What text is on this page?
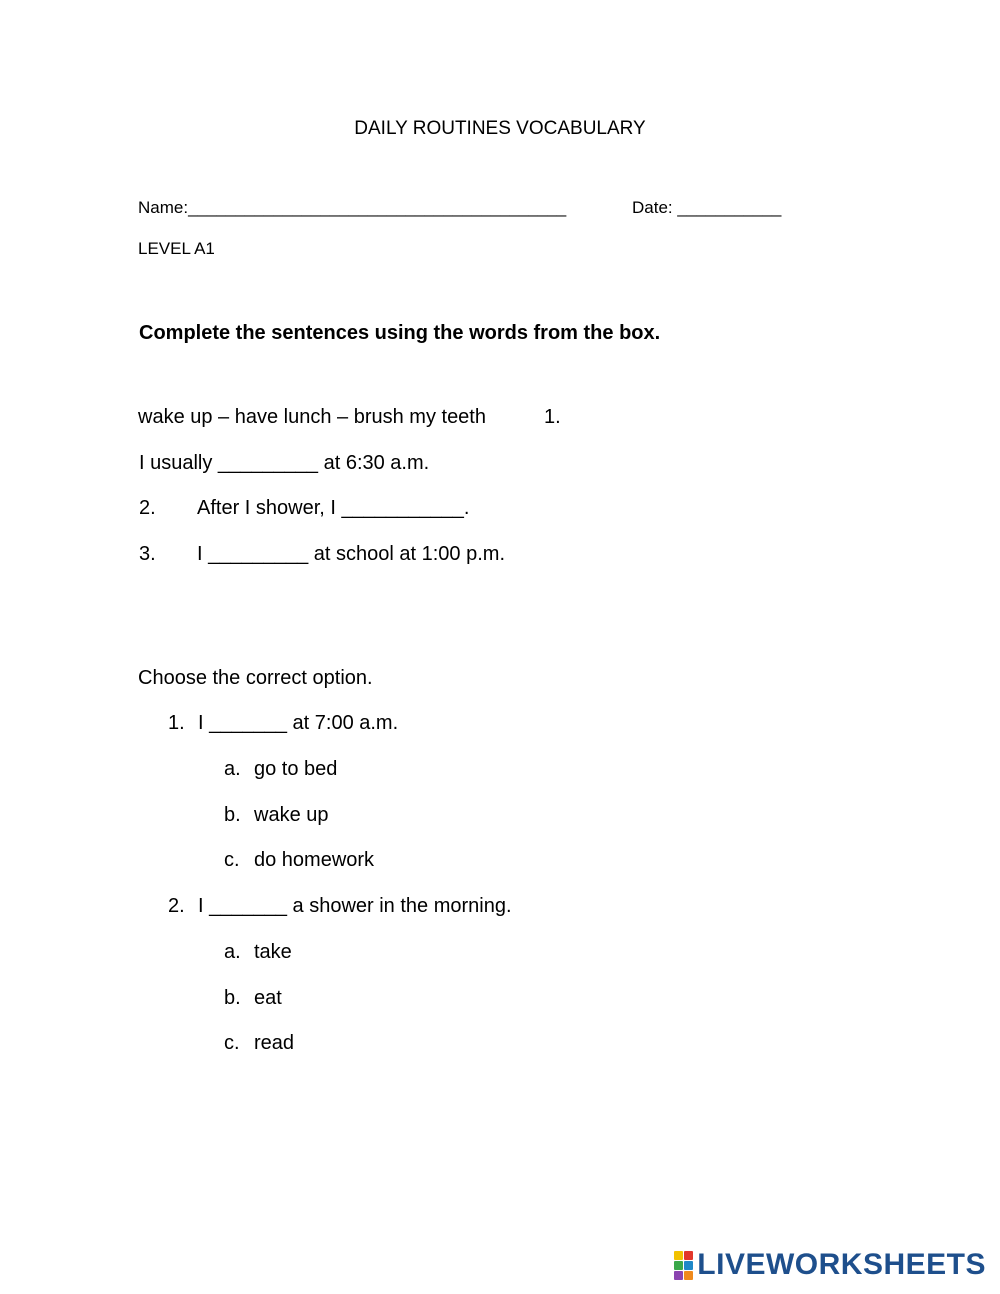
DAILY ROUTINES VOCABULARY
Name:________________________________________	Date: ___________
LEVEL A1
Complete the sentences using the words from the box.
wake up – have lunch – brush my teeth	1.
I usually _________ at 6:30 a.m.
2. After I shower, I ___________.
3. I _________ at school at 1:00 p.m.
Choose the correct option.
1. I _______ at 7:00 a.m.
a. go to bed
b. wake up
c. do homework
2. I _______ a shower in the morning.
a. take
b. eat
c. read
LIVEWORKSHEETS
